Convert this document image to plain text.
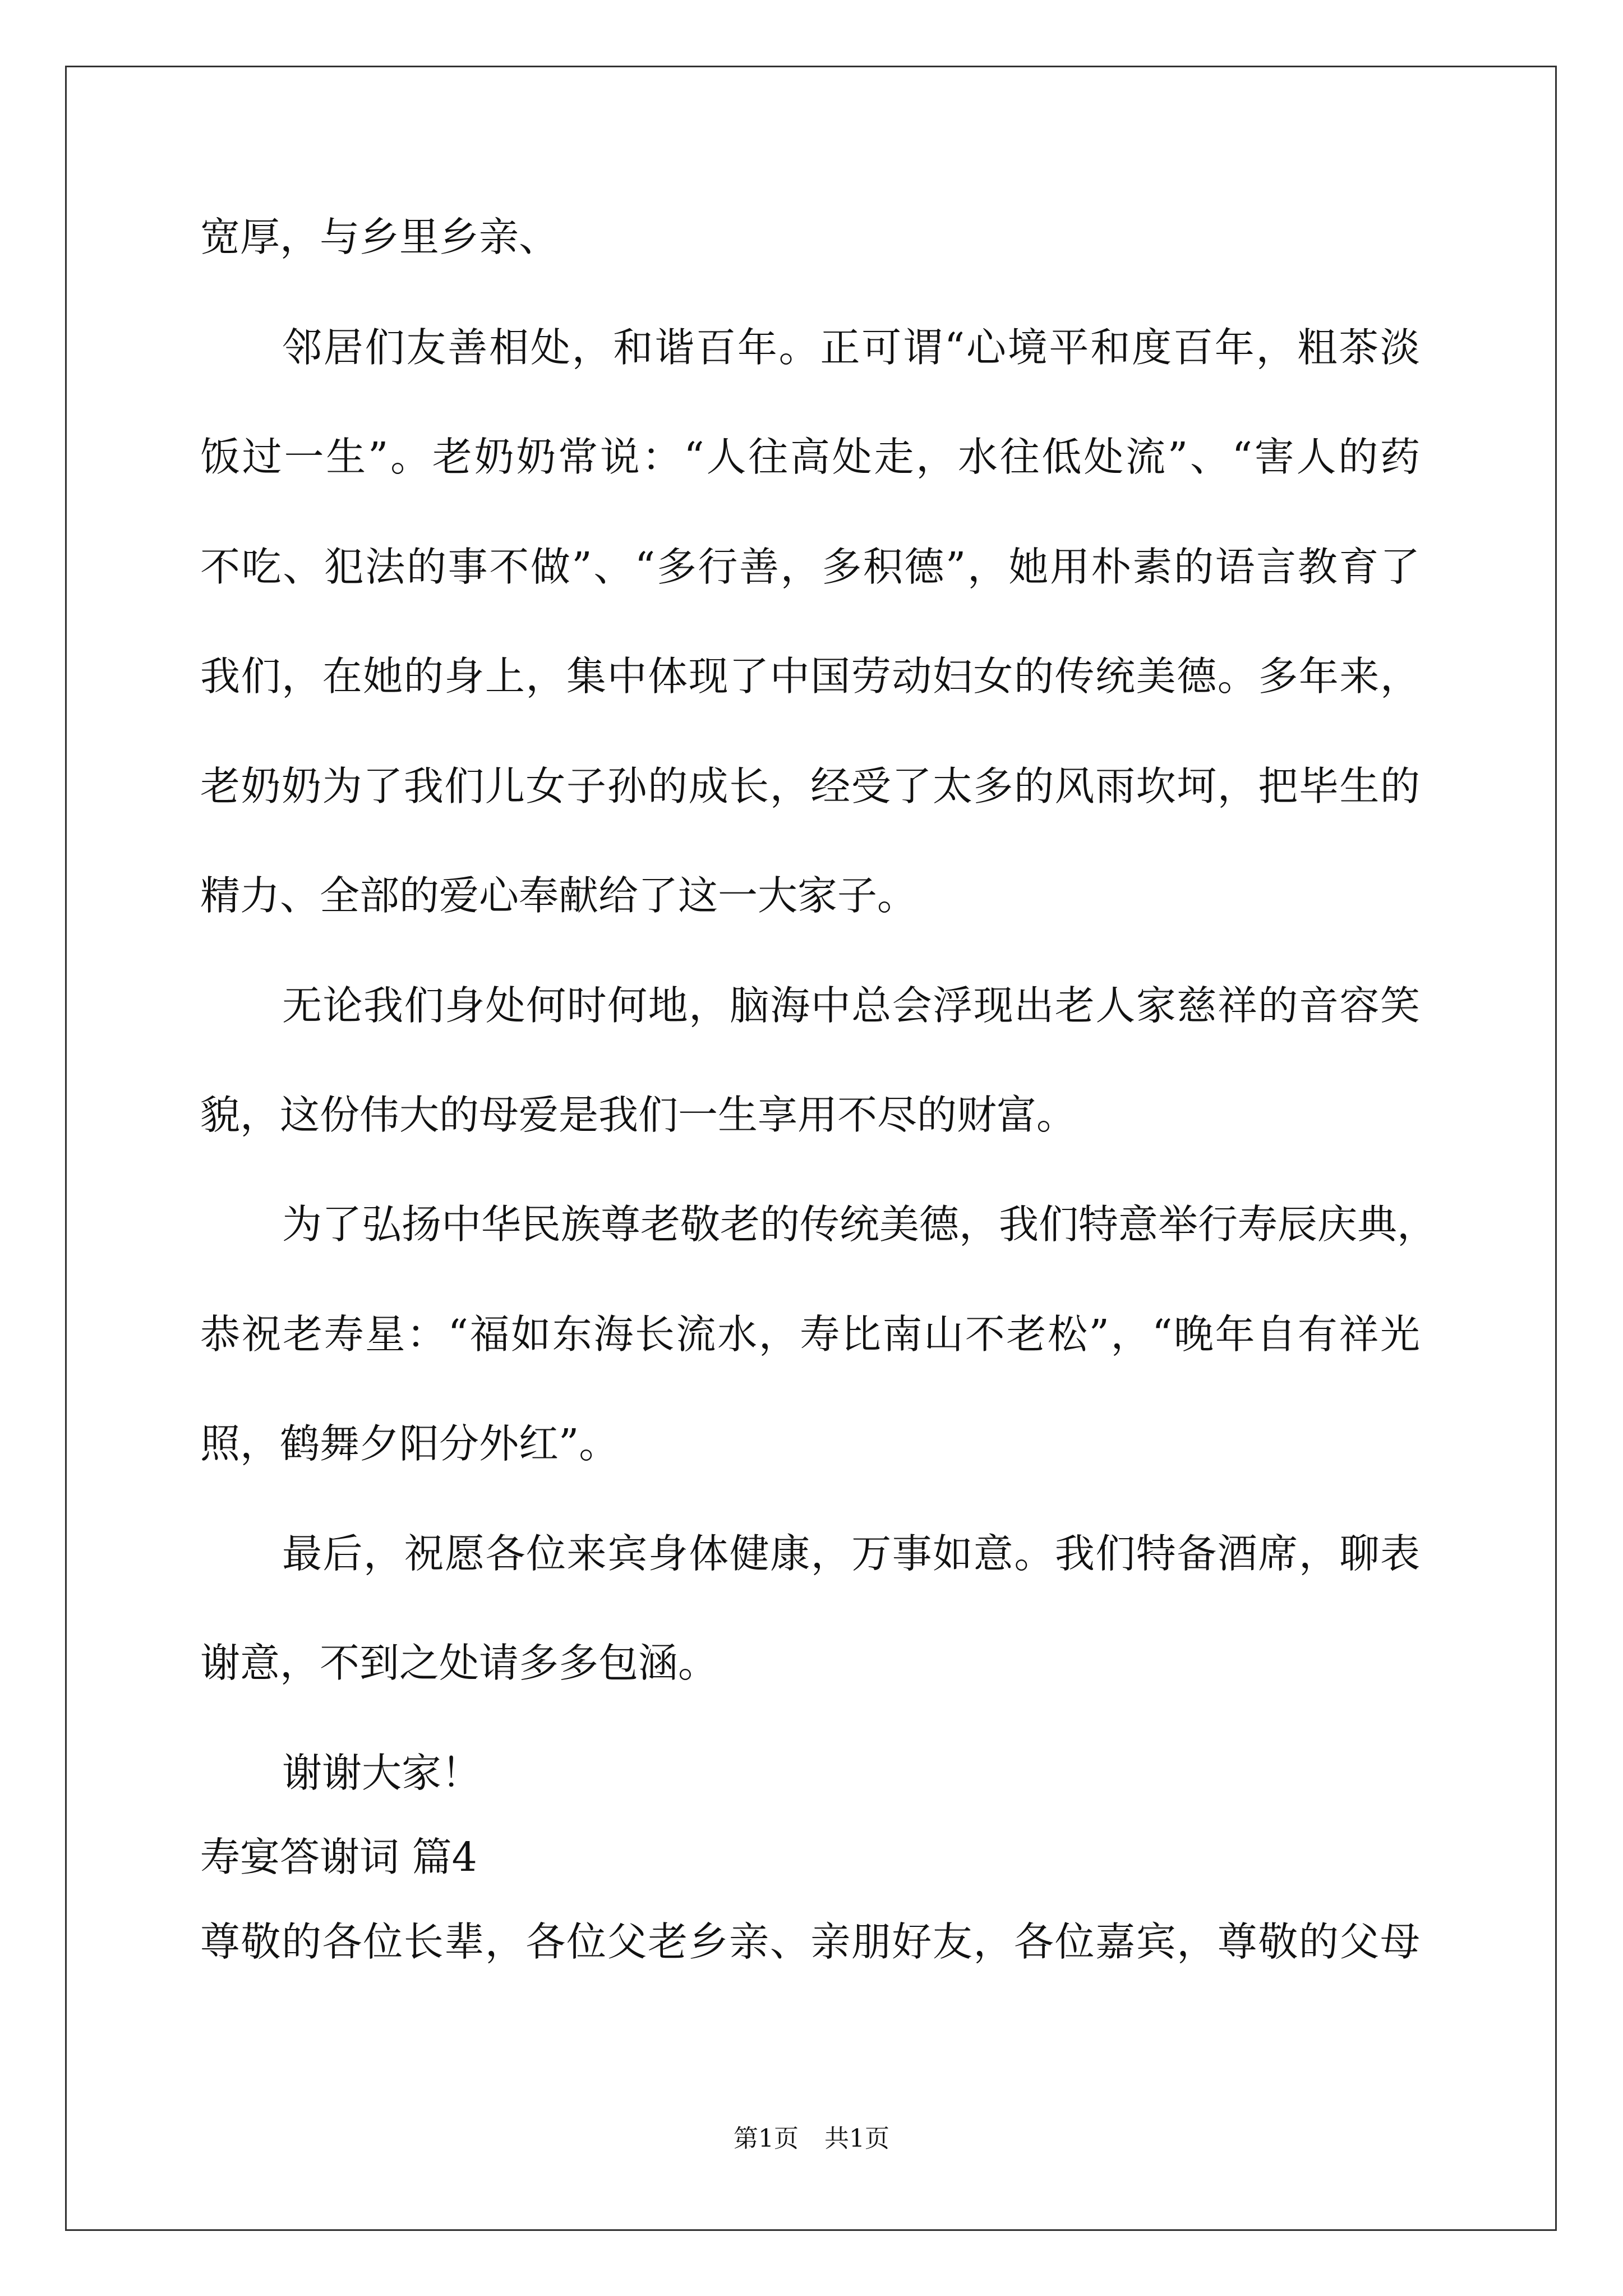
宽厚，与乡里乡亲、
邻居们友善相处，和谐百年。正可谓“心境平和度百年，粗茶淡
饭过一生”。老奶奶常说：“人往高处走，水往低处流”、“害人的药
不吃、犯法的事不做”、“多行善，多积德”，她用朴素的语言教育了
我们，在她的身上，集中体现了中国劳动妇女的传统美德。多年来，
老奶奶为了我们儿女子孙的成长，经受了太多的风雨坎坷，把毕生的
精力、全部的爱心奉献给了这一大家子。
无论我们身处何时何地，脑海中总会浮现出老人家慈祥的音容笑
貌，这份伟大的母爱是我们一生享用不尽的财富。
为了弘扬中华民族尊老敬老的传统美德，我们特意举行寿辰庆典，
恭祝老寿星：“福如东海长流水，寿比南山不老松”，“晚年自有祥光
照，鹤舞夕阳分外红”。
最后，祝愿各位来宾身体健康，万事如意。我们特备酒席，聊表
谢意，不到之处请多多包涵。
谢谢大家！
寿宴答谢词 篇4
尊敬的各位长辈，各位父老乡亲、亲朋好友，各位嘉宾，尊敬的父母
第1页 共1页
